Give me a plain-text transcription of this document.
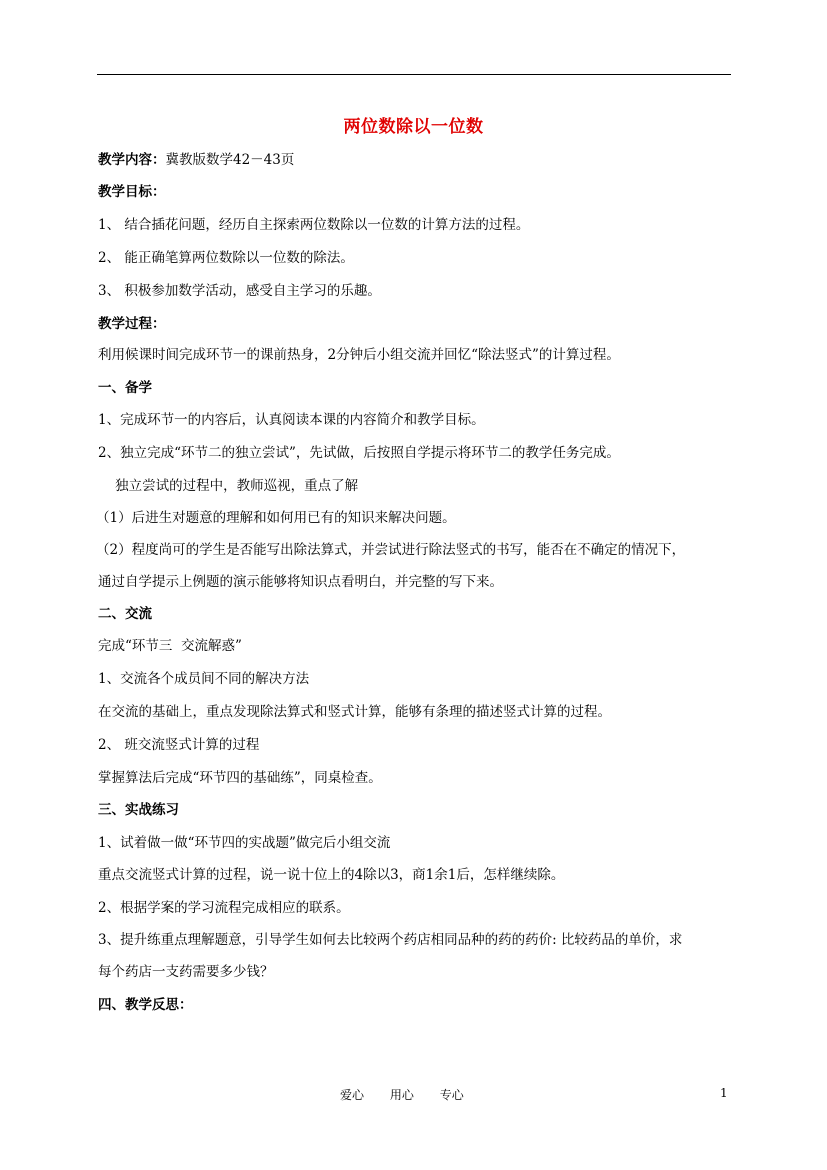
两位数除以一位数
教学内容：冀教版数学42－43页
教学目标：
1、 结合插花问题，经历自主探索两位数除以一位数的计算方法的过程。
2、 能正确笔算两位数除以一位数的除法。
3、 积极参加数学活动，感受自主学习的乐趣。
教学过程：
利用候课时间完成环节一的课前热身，2分钟后小组交流并回忆“除法竖式”的计算过程。
一、备学
1、完成环节一的内容后，认真阅读本课的内容简介和教学目标。
2、独立完成“环节二的独立尝试”，先试做，后按照自学提示将环节二的教学任务完成。
独立尝试的过程中，教师巡视，重点了解
（1）后进生对题意的理解和如何用已有的知识来解决问题。
（2）程度尚可的学生是否能写出除法算式，并尝试进行除法竖式的书写，能否在不确定的情况下，
通过自学提示上例题的演示能够将知识点看明白，并完整的写下来。
二、交流
完成“环节三  交流解惑”
1、交流各个成员间不同的解决方法
在交流的基础上，重点发现除法算式和竖式计算，能够有条理的描述竖式计算的过程。
2、 班交流竖式计算的过程
掌握算法后完成“环节四的基础练”，同桌检查。
三、实战练习
1、试着做一做“环节四的实战题”做完后小组交流
重点交流竖式计算的过程，说一说十位上的4除以3，商1余1后，怎样继续除。
2、根据学案的学习流程完成相应的联系。
3、提升练重点理解题意，引导学生如何去比较两个药店相同品种的药的药价: 比较药品的单价，求
每个药店一支药需要多少钱？
四、教学反思：
爱心 用心 专心	1
